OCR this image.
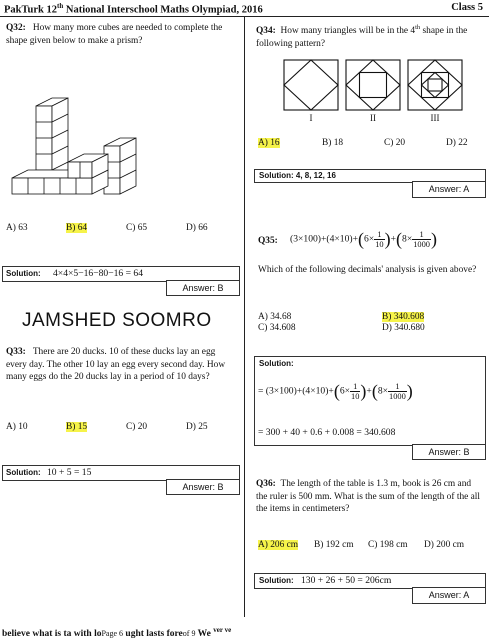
PakTurk 12th National Interschool Maths Olympiad, 2016	Class 5
Q32: How many more cubes are needed to complete the shape given below to make a prism?
A) 63	B) 64	C) 65	D) 66
Solution: 4×4×5−16−80−16 = 64
Answer: B
JAMSHED SOOMRO
Q33: There are 20 ducks. 10 of these ducks lay an egg every day. The other 10 lay an egg every second day. How many eggs do the 20 ducks lay in a period of 10 days?
A) 10	B) 15	C) 20	D) 25
Solution: 10 + 5 = 15
Answer: B
Q34: How many triangles will be in the 4th shape in the following pattern?
I	II	III
A) 16	B) 18	C) 20	D) 22
Solution: 4, 8, 12, 16
Answer: A
Q35: $(3\times 100)+(4\times 10)+(6\times \frac{1}{10} )+(8\times \frac{1}{1000}$ )
Which of the following decimals' analysis is given above?
A) 34.68	B) 340.608
C) 34.608	D) 340.680
Solution:
= $(3\times 100)+(4\times 10)+(6\times \frac{1}{10} )+(8\times \frac{1}{1000}$ )
= 300 + 40 + 0.6 + 0.008 = 340.608
Answer: B
Q36: The length of the table is 1.3 m, book is 26 cm and the ruler is 500 mm. What is the sum of the length of the all the items in centimeters?
A) 206 cm B) 192 cm C) 198 cm D) 200 cm
Solution: 130 + 26 + 50 = 206cm
Answer: A
believe what is ta with loPage 6 ught lasts foreof 9 We $^{ver ve}$
